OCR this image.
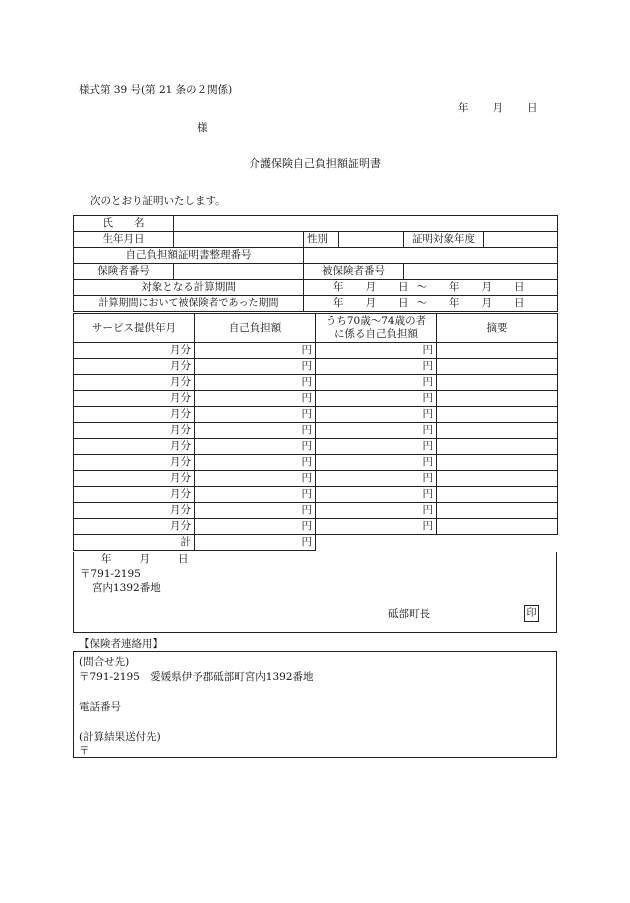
様式第 39 号(第 21 条の２関係)
年 月 日
様
介護保険自己負担額証明書
次のとおり証明いたします。
氏　　名					
生年月日		性別		証明対象年度	
自己負担額証明書整理番号					
保険者番号		被保険者番号			
対象となる計算期間		年 月 日 〜 年 月 日			
計算期間において被保険者であった期間		年 月 日 〜 年 月 日			
サービス提供年月	自己負担額	うち70歳〜74歳の者
に係る自己負担額	摘要
月分	円	円	
月分	円	円	
月分	円	円	
月分	円	円	
月分	円	円	
月分	円	円	
月分	円	円	
月分	円	円	
月分	円	円	
月分	円	円	
月分	円	円	
月分	円	円	
計	円		
年	月	日
〒791-2195
宮内1392番地
砥部町長	印
【保険者連絡用】
(問合せ先)
〒791-2195　愛媛県伊予郡砥部町宮内1392番地
電話番号
(計算結果送付先)
〒
